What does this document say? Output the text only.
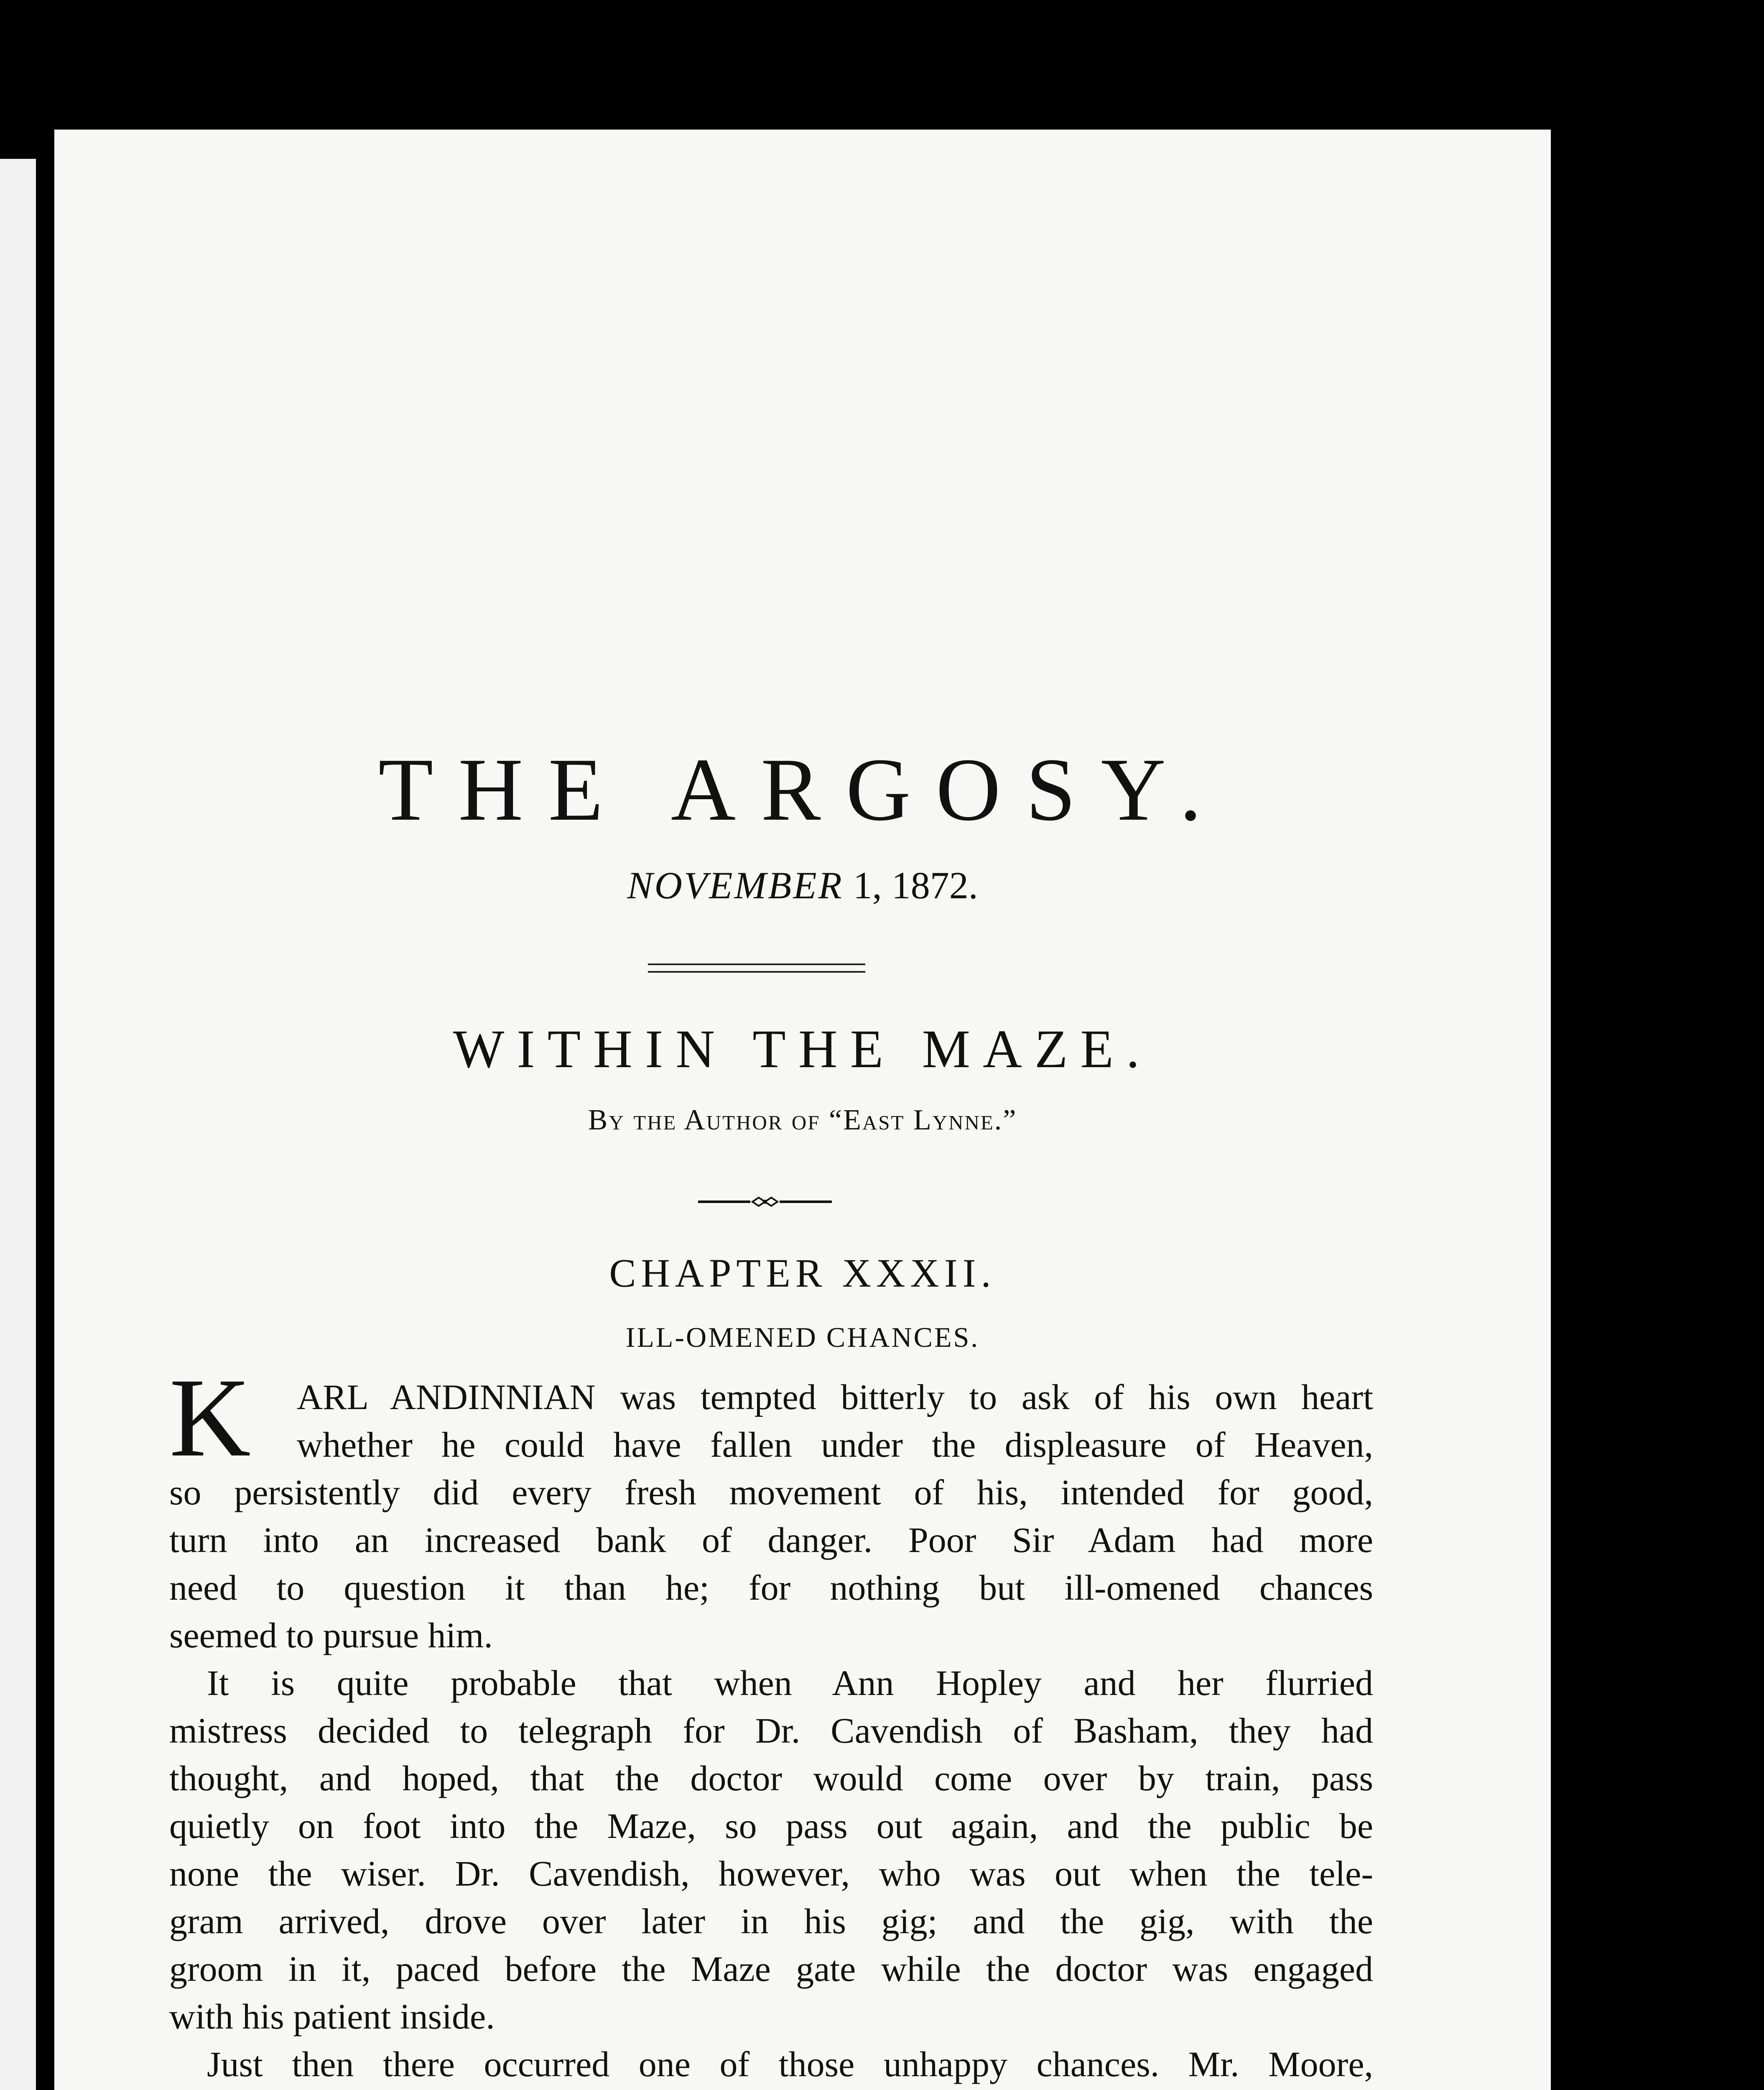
THE ARGOSY.
NOVEMBER 1, 1872.
WITHIN THE MAZE.
By the Author of “East Lynne.”
CHAPTER XXXII.
ILL-OMENED CHANCES.
K	ARL ANDINNIAN was tempted bitterly to ask of his own heart
whether he could have fallen under the displeasure of Heaven,
so persistently did every fresh movement of his, intended for good,
turn into an increased bank of danger. Poor Sir Adam had more
need to question it than he; for nothing but ill-omened chances
seemed to pursue him.
It is quite probable that when Ann Hopley and her flurried
mistress decided to telegraph for Dr. Cavendish of Basham, they had
thought, and hoped, that the doctor would come over by train, pass
quietly on foot into the Maze, so pass out again, and the public be
none the wiser. Dr. Cavendish, however, who was out when the tele-
gram arrived, drove over later in his gig; and the gig, with the
groom in it, paced before the Maze gate while the doctor was engaged
with his patient inside.
Just then there occurred one of those unhappy chances. Mr. Moore,
